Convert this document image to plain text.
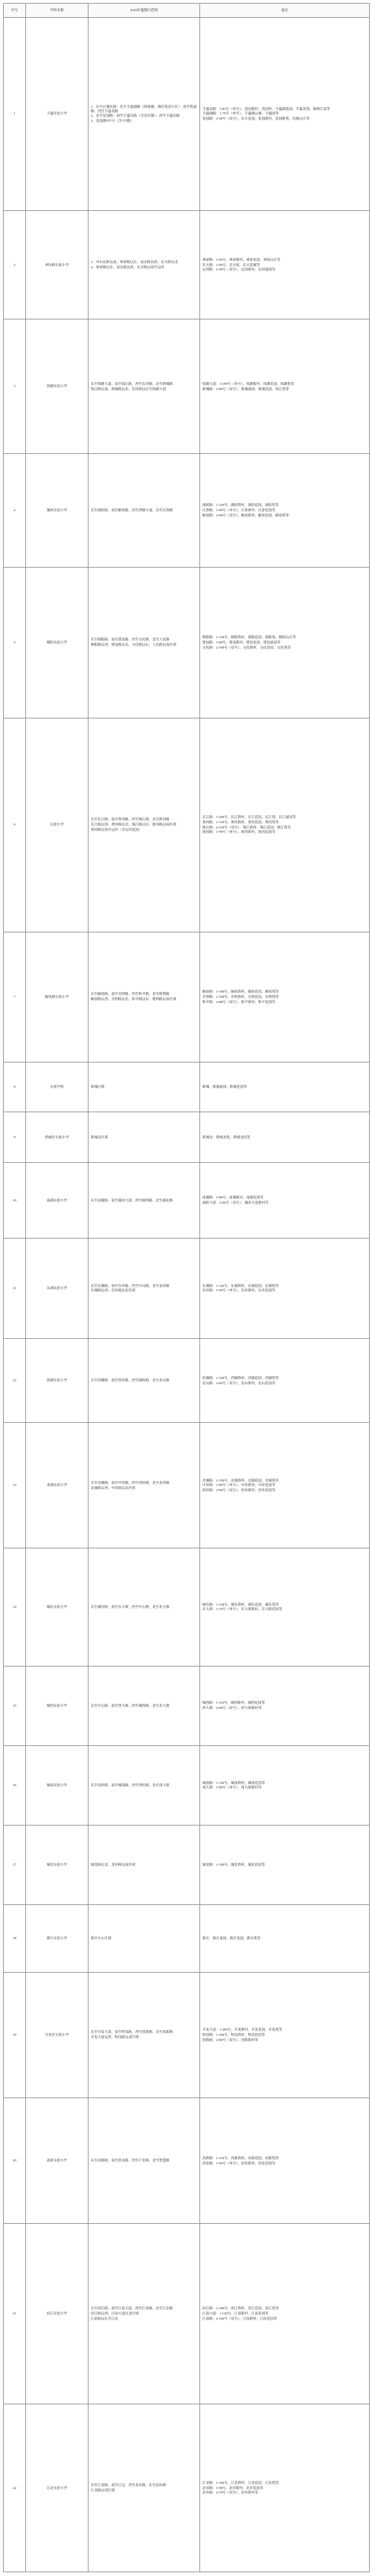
序号	学校名称	2023年施教区范围	备注
1	丰盛实验小学	1、东至后湖民路；北至丰盛湖路（除康城、酒店花园小区）；南至凯旋路；西至丰盛北路
2、北至花园路；南至丰盛东路（含北岸城）；西至丰盛北路
3、花园新村7号（含7号楼）	丰盛北路：1-81号（单号）、花园新村、花园村、丰盛湖花园、丰盛北苑、锦绣江南等
丰盛湖路：1-79号（单号）、丰盛湖公寓、丰盛园等
花园路：2-38号（双号）、东方花园、花园新村、花园新苑、凤凰山庄等

2	翠屏路实验小学	1、中山东路以南，翠屏路以东、南京路以西、东方路以北
2、翠屏路以东、南京路以西、东方路以南至运河	翠屏路：1-90号、翠屏新村、翠屏花园、翠屏山庄等
东方路：1-66号、东方苑、东方花城等
运河路：2-58号（双号）、运河新村、运河嘉园等

3	钱塘实验小学	东至钱塘大道，南至钱江路，西至东环路，北至新城路
钱江路以南、新城路以北、东环路以东至钱塘大道	钱塘大道：1-199号（单号）、钱塘新村、钱塘花园、钱塘苑等
新城路：2-88号（双号）、新城嘉园、新城花园、钱江苑等

4	湖滨实验小学	东至湖滨路，南至解放路，西至西湖大道，北至庆春路	湖滨路：1-120号、湖滨新村、湖滨花园、湖滨苑等
庆春路：1-68号（单号）、庆春新村、庆春花园等
解放路：2-96号（双号）、解放新村、解放花园、解放苑等

5	朝阳实验小学	东至朝阳路，南至建设路，西至文化路，北至人民路
朝阳路以西、建设路以北、文化路以东、人民路以南区域	朝阳路：1-150号、朝阳新村、朝阳花园、朝阳苑、朝阳山庄等
建设路：1-88号、建设新村、建设花园、建设嘉园等
文化路：2-100号（双号）、文化新村、文化花园、文化苑等

6	实验小学	东至长江路，南至黄河路，西至珠江路，北至淮河路
长江路以西、黄河路以北、珠江路以东、淮河路以南区域
黄河路以南至运河（含运河花园）	长江路：1-200号、长江新村、长江花园、长江苑、长江嘉园等
黄河路：1-150号、黄河新村、黄河花园、黄河苑等
珠江路：2-120号（双号）、珠江新村、珠江花园、珠江苑等
淮河路：1-99号（单号）、淮河新村、淮河花园等

7	解放路实验小学	东至解放路，南至光明路，西至和平路，北至胜利路
解放路以西、光明路以北、和平路以东、胜利路以南区域	解放路：1-180号、解放新村、解放花园、解放苑等
光明路：1-100号、光明新村、光明花园、光明苑等
和平路：2-88号（双号）、和平新村、和平花园等

8	实验学校	新城区域	新城：新城嘉园、新城花园等

9	新城区实验小学	新城北区域	新城北：新城北苑、新城北园等

10	南湖实验小学	东至南湖路，南至湖滨大道，西至湖西路，北至湖北路	南湖路：1-88号、南湖新村、南湖花园等
湖滨大道：2-66号（双号）、湖滨大道新村等

11	东湖实验小学	东至东湖路，南至东环路，西至中山路，北至北环路
东湖路以西、东环路以北区域	东湖路：1-120号、东湖新村、东湖花园、东湖苑等
东环路：1-99号（单号）、东环新村、东环花园等

12	西湖实验小学	东至西湖路，南至西环路，西至湖滨路，北至北山路	西湖路：1-100号、西湖新村、西湖花园、西湖苑等
北山路：2-60号（双号）、北山新村、北山花园等

13	北湖实验小学	东至北湖路，南至中环路，西至西环路，北至北环路
北湖路以西、中环路以北区域	北湖路：1-150号、北湖新村、北湖花园、北湖苑等
中环路：1-80号（单号）、中环新村、中环花园等
西环路：2-90号（双号）、西环新村、西环花园等

14	城东实验小学	东至城东路，南至东大街，西至中心路，北至北大街	城东路：1-130号、城东新村、城东花园、城东苑等
东大街：1-70号（单号）、东大街新村、东大街花园等

15	城西实验小学	东至中心路，南至西大街，西至城西路，北至北大街	城西路：1-110号、城西新村、城西花园等
西大街：2-60号（双号）、西大街新村等

16	城南实验小学	东至南环路，南至城南路，西至西环路，北至南大街	城南路：1-120号、城南新村、城南花园等
南大街：1-80号（单号）、南大街新村等

17	城北实验小学	城北路以北、北环路以南区域	城北路：1-100号、城北新村、城北花园等

18	新区实验小学	新区中心区域	新区：新区嘉园、新区花园、新区苑等

19	开发区实验小学	东至开发大道，南至科技路，西至创新路，北至高新路
开发大道以西、科技路以北区域	开发大道：1-200号、开发新村、开发花园、开发苑等
科技路：1-100号、科技新村、科技花园等
创新路：2-80号（双号）、创新新村等

20	高新实验小学	东至高新路，南至创业路，西至产业路，北至智慧路	高新路：1-150号、高新新村、高新花园、高新苑等
创业路：1-90号（单号）、创业新村、创业花园等

21	滨江实验小学	东至滨江路，南至江南大道，西至江滨路，北至江北路
滨江路以西、江南大道以北区域
江滨路以东至江边	滨江路：1-180号、滨江新村、滨江花园、滨江苑等
江南大道：1-120号、江南新村、江南花园等
江滨路：2-100号（双号）、江滨新村、江滨花园等

22	江北实验小学	东至江北路，南至江边，西至北岸路，北至北环路
江北路以西区域	江北路：1-160号、江北新村、江北花园、江北苑等
北岸路：1-90号、北岸新村、北岸花园等
北环路：2-70号（双号）、北环新村等
